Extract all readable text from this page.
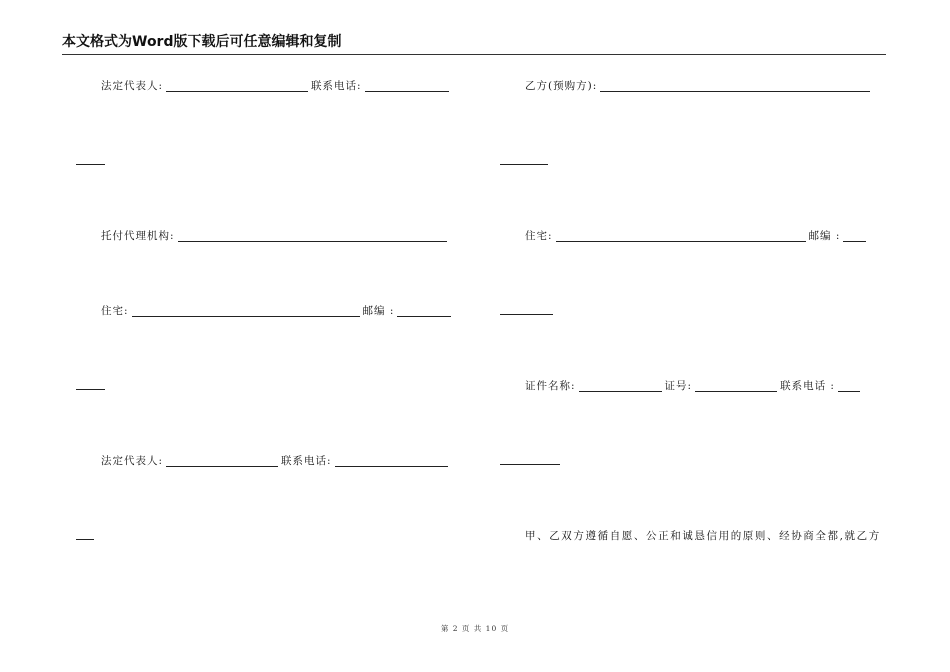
本文格式为Word版下载后可任意编辑和复制
法定代表人:	联系电话:
托付代理机构:
住宅:	邮编 :
法定代表人:	联系电话:
乙方(预购方):
住宅:	邮编 :
证件名称:	证号:	联系电话 :
甲、乙双方遵循自愿、公正和诚恳信用的原则、经协商全都,就乙方
第 2 页 共 10 页
